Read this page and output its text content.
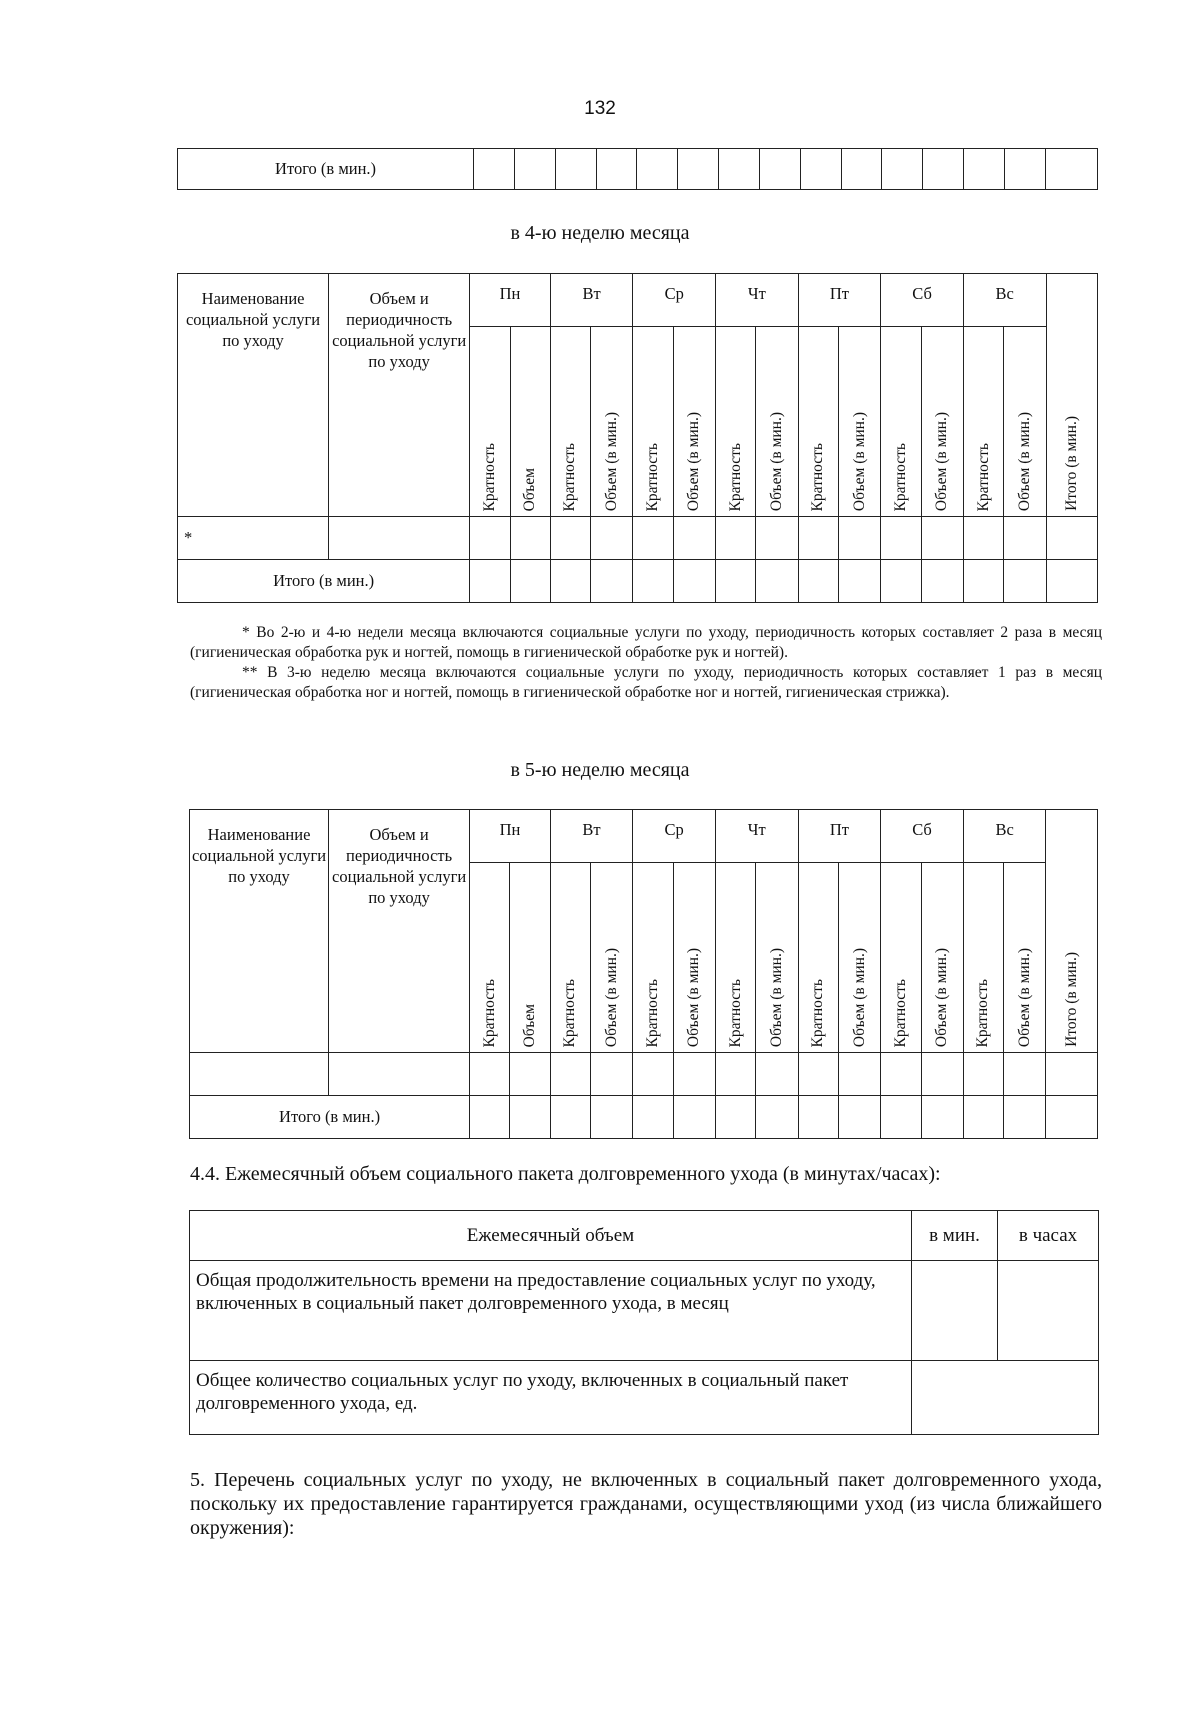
132
Итого (в мин.)															
в 4-ю неделю месяца
Наименование социальной услуги по уходу	Объем и периодичность социальной услуги по уходу	Пн		Вт		Ср		Чт		Пт		Сб		Вс		Итого (в мин.)
		Кратность	Объем	Кратность	Объем (в мин.)	Кратность	Объем (в мин.)	Кратность	Объем (в мин.)	Кратность	Объем (в мин.)	Кратность	Объем (в мин.)	Кратность	Объем (в мин.)	
*																
Итого (в мин.)																
* Во 2-ю и 4-ю недели месяца включаются социальные услуги по уходу, периодичность которых составляет 2 раза в месяц (гигиеническая обработка рук и ногтей, помощь в гигиенической обработке рук и ногтей).
** В 3-ю неделю месяца включаются социальные услуги по уходу, периодичность которых составляет 1 раз в месяц (гигиеническая обработка ног и ногтей, помощь в гигиенической обработке ног и ногтей, гигиеническая стрижка).
в 5-ю неделю месяца
Наименование социальной услуги по уходу	Объем и периодичность социальной услуги по уходу	Пн		Вт		Ср		Чт		Пт		Сб		Вс		Итого (в мин.)
		Кратность	Объем	Кратность	Объем (в мин.)	Кратность	Объем (в мин.)	Кратность	Объем (в мин.)	Кратность	Объем (в мин.)	Кратность	Объем (в мин.)	Кратность	Объем (в мин.)	

Итого (в мин.)																
4.4. Ежемесячный объем социального пакета долговременного ухода (в минутах/часах):
Ежемесячный объем	в мин.	в часах
Общая продолжительность времени на предоставление социальных услуг по уходу, включенных в социальный пакет долговременного ухода, в месяц		
Общее количество социальных услуг по уходу, включенных в социальный пакет долговременного ухода, ед.		
5. Перечень социальных услуг по уходу, не включенных в социальный пакет долговременного ухода, поскольку их предоставление гарантируется гражданами, осуществляющими уход (из числа ближайшего окружения):
